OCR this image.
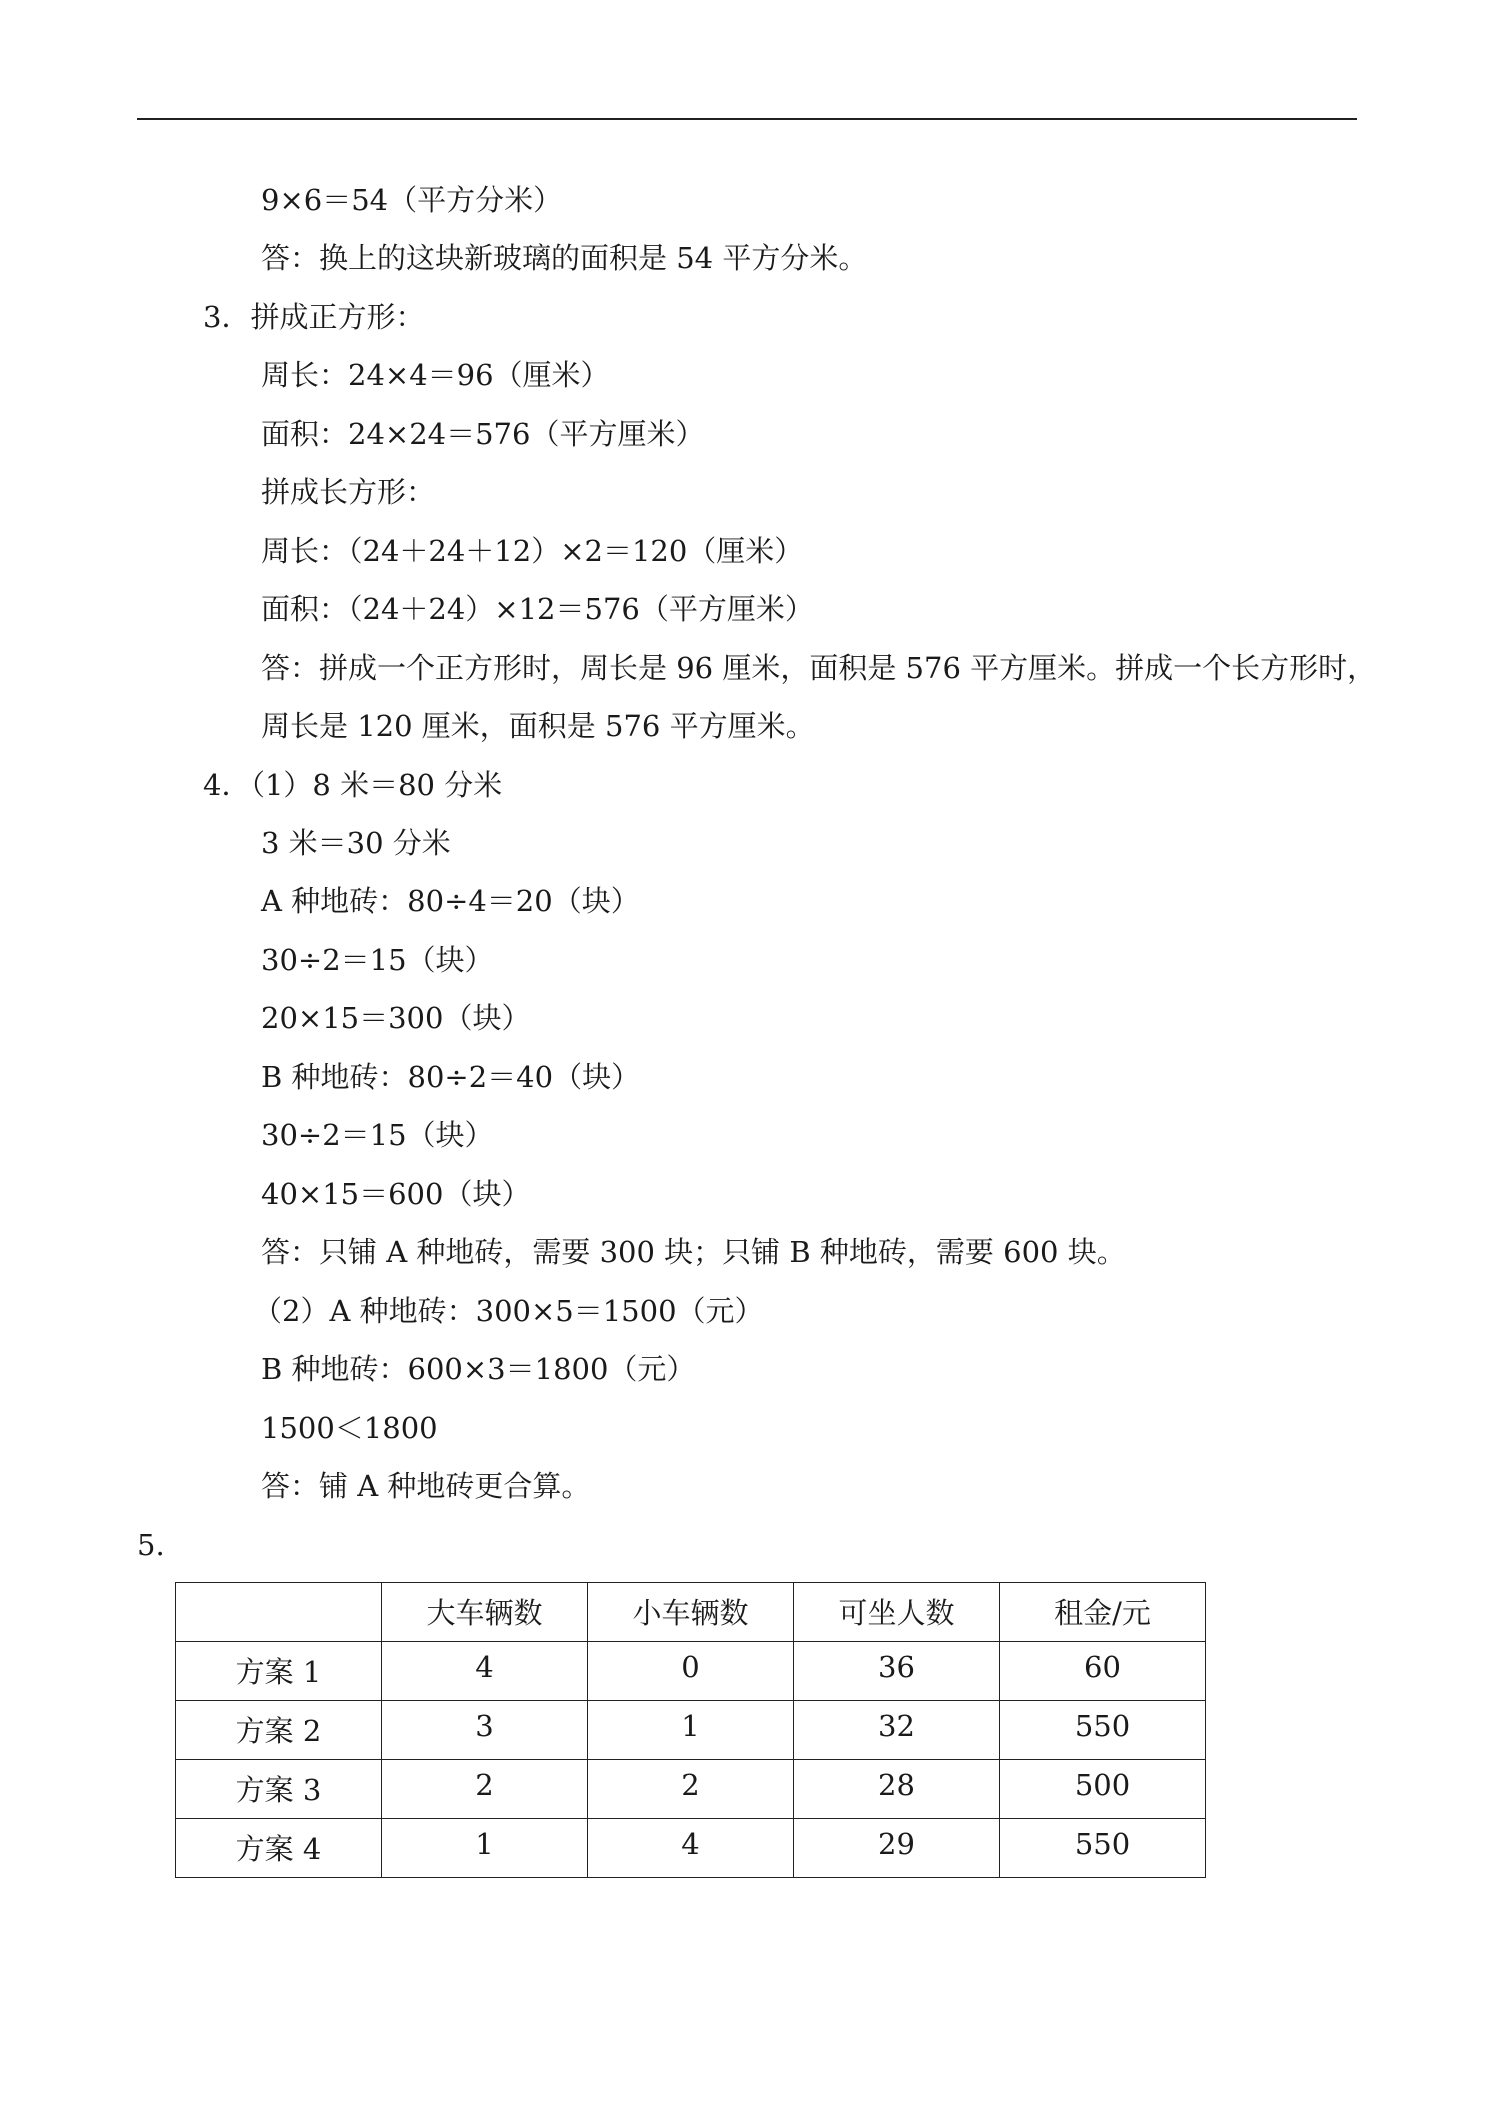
9×6＝54（平方分米）
答：换上的这块新玻璃的面积是 54 平方分米。
3．拼成正方形：
周长：24×4＝96（厘米）
面积：24×24＝576（平方厘米）
拼成长方形：
周长：（24＋24＋12）×2＝120（厘米）
面积：（24＋24）×12＝576（平方厘米）
答：拼成一个正方形时，周长是 96 厘米，面积是 576 平方厘米。拼成一个长方形时，
周长是 120 厘米，面积是 576 平方厘米。
4．（1）8 米＝80 分米
3 米＝30 分米
A 种地砖：80÷4＝20（块）
30÷2＝15（块）
20×15＝300（块）
B 种地砖：80÷2＝40（块）
30÷2＝15（块）
40×15＝600（块）
答：只铺 A 种地砖，需要 300 块；只铺 B 种地砖，需要 600 块。
（2）A 种地砖：300×5＝1500（元）
B 种地砖：600×3＝1800（元）
1500＜1800
答：铺 A 种地砖更合算。
5.
	大车辆数	小车辆数	可坐人数	租金/元
方案 1	4	0	36	60
方案 2	3	1	32	550
方案 3	2	2	28	500
方案 4	1	4	29	550
